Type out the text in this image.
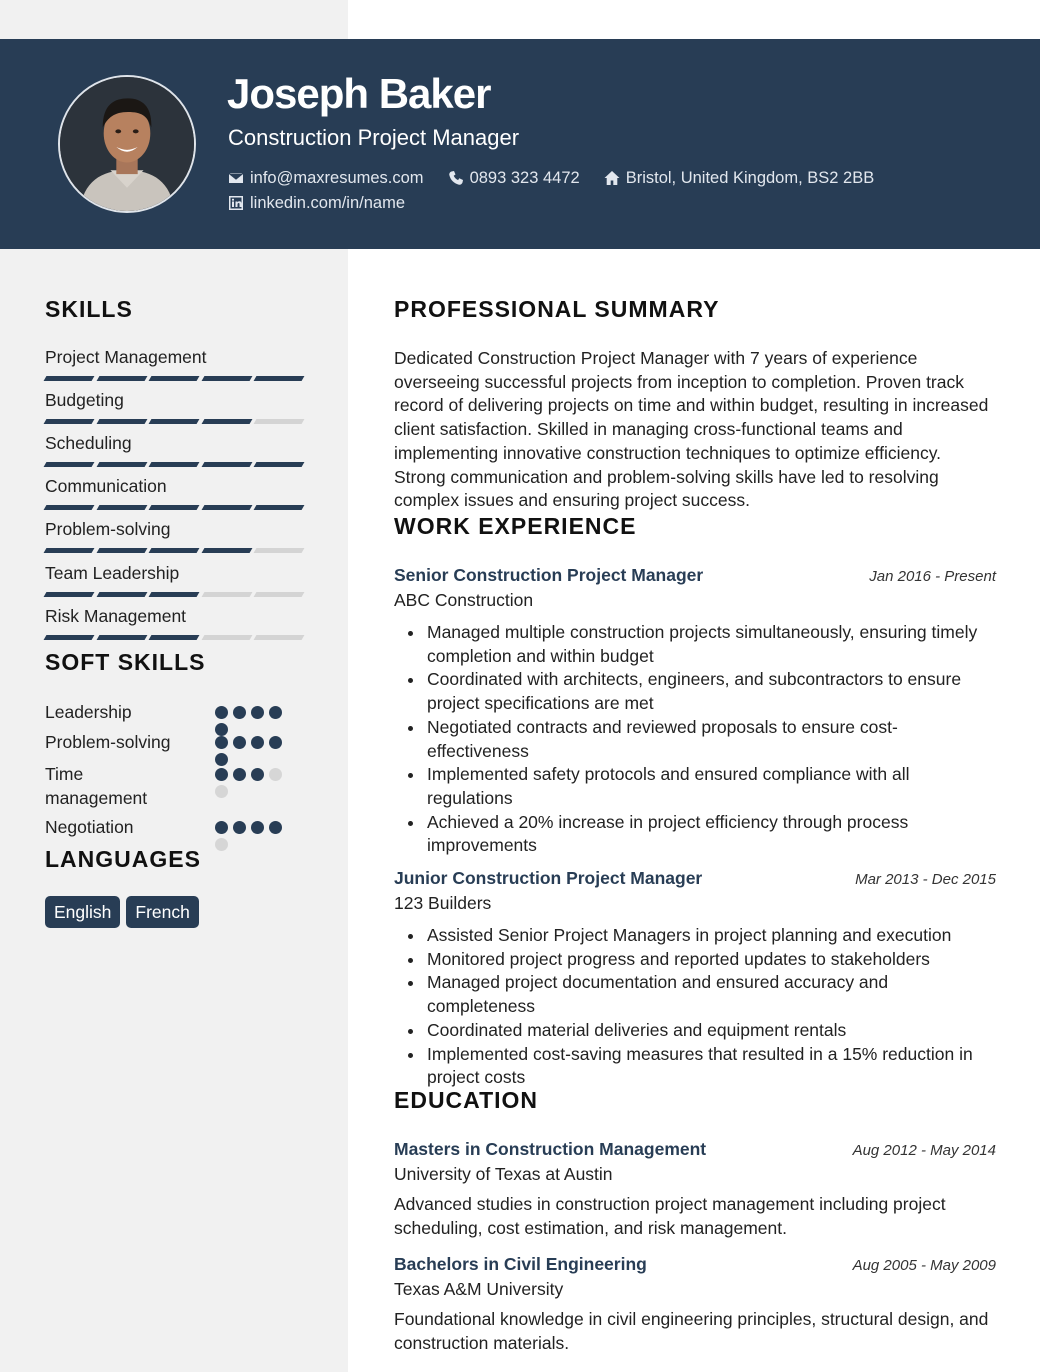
Joseph Baker
Construction Project Manager
info@maxresumes.com	0893 323 4472	Bristol, United Kingdom, BS2 2BB
linkedin.com/in/name
SKILLS
Project Management
Budgeting
Scheduling
Communication
Problem-solving
Team Leadership
Risk Management
SOFT SKILLS
Leadership
Problem-solving
Time management
Negotiation
LANGUAGES
English	French
PROFESSIONAL SUMMARY
Dedicated Construction Project Manager with 7 years of experience overseeing successful projects from inception to completion. Proven track record of delivering projects on time and within budget, resulting in increased client satisfaction. Skilled in managing cross-functional teams and implementing innovative construction techniques to optimize efficiency. Strong communication and problem-solving skills have led to resolving complex issues and ensuring project success.
WORK EXPERIENCE
Senior Construction Project Manager	Jan 2016 - Present
ABC Construction
Managed multiple construction projects simultaneously, ensuring timely completion and within budget
Coordinated with architects, engineers, and subcontractors to ensure project specifications are met
Negotiated contracts and reviewed proposals to ensure cost-effectiveness
Implemented safety protocols and ensured compliance with all regulations
Achieved a 20% increase in project efficiency through process improvements
Junior Construction Project Manager	Mar 2013 - Dec 2015
123 Builders
Assisted Senior Project Managers in project planning and execution
Monitored project progress and reported updates to stakeholders
Managed project documentation and ensured accuracy and completeness
Coordinated material deliveries and equipment rentals
Implemented cost-saving measures that resulted in a 15% reduction in project costs
EDUCATION
Masters in Construction Management	Aug 2012 - May 2014
University of Texas at Austin
Advanced studies in construction project management including project scheduling, cost estimation, and risk management.
Bachelors in Civil Engineering	Aug 2005 - May 2009
Texas A&M University
Foundational knowledge in civil engineering principles, structural design, and construction materials.
